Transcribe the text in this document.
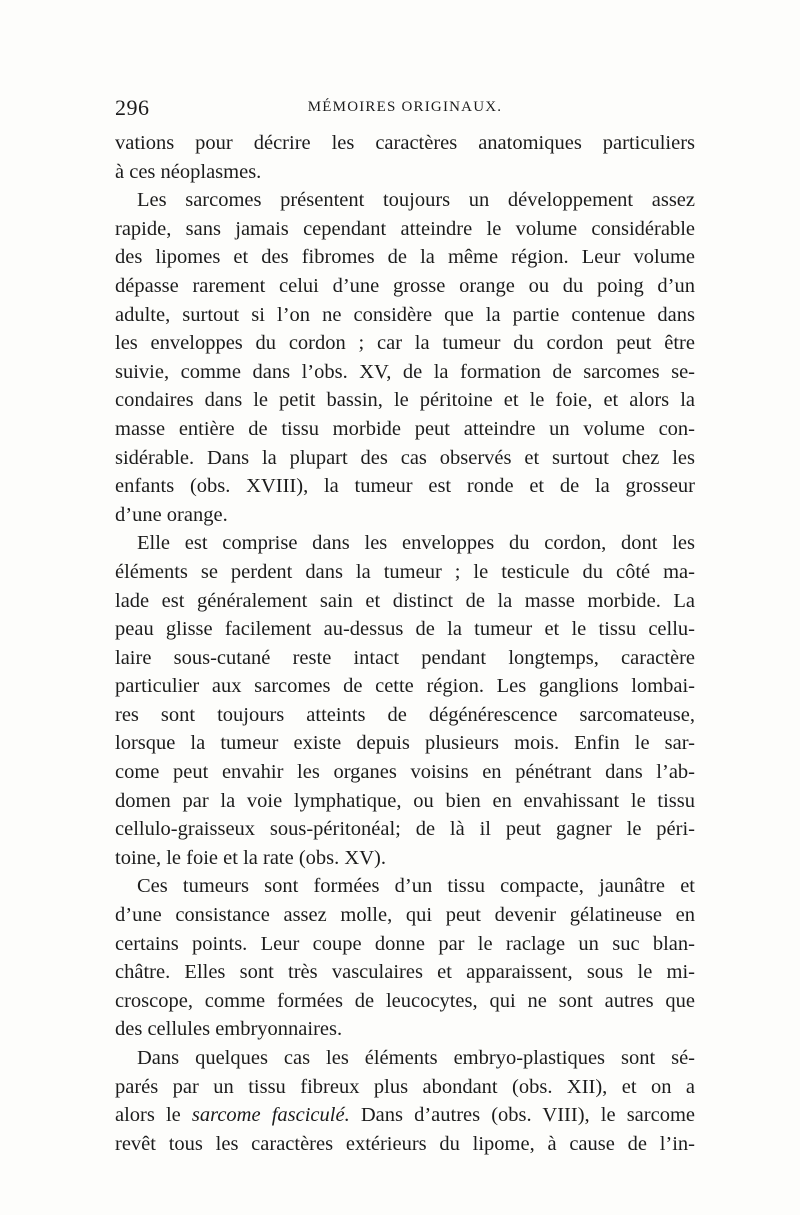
296	MÉMOIRES ORIGINAUX.
vations pour décrire les caractères anatomiques particuliers
à ces néoplasmes.
Les sarcomes présentent toujours un développement assez
rapide, sans jamais cependant atteindre le volume considérable
des lipomes et des fibromes de la même région. Leur volume
dépasse rarement celui d’une grosse orange ou du poing d’un
adulte, surtout si l’on ne considère que la partie contenue dans
les enveloppes du cordon ; car la tumeur du cordon peut être
suivie, comme dans l’obs. XV, de la formation de sarcomes se-
condaires dans le petit bassin, le péritoine et le foie, et alors la
masse entière de tissu morbide peut atteindre un volume con-
sidérable. Dans la plupart des cas observés et surtout chez les
enfants (obs. XVIII), la tumeur est ronde et de la grosseur
d’une orange.
Elle est comprise dans les enveloppes du cordon, dont les
éléments se perdent dans la tumeur ; le testicule du côté ma-
lade est généralement sain et distinct de la masse morbide. La
peau glisse facilement au-dessus de la tumeur et le tissu cellu-
laire sous-cutané reste intact pendant longtemps, caractère
particulier aux sarcomes de cette région. Les ganglions lombai-
res sont toujours atteints de dégénérescence sarcomateuse,
lorsque la tumeur existe depuis plusieurs mois. Enfin le sar-
come peut envahir les organes voisins en pénétrant dans l’ab-
domen par la voie lymphatique, ou bien en envahissant le tissu
cellulo-graisseux sous-péritonéal; de là il peut gagner le péri-
toine, le foie et la rate (obs. XV).
Ces tumeurs sont formées d’un tissu compacte, jaunâtre et
d’une consistance assez molle, qui peut devenir gélatineuse en
certains points. Leur coupe donne par le raclage un suc blan-
châtre. Elles sont très vasculaires et apparaissent, sous le mi-
croscope, comme formées de leucocytes, qui ne sont autres que
des cellules embryonnaires.
Dans quelques cas les éléments embryo-plastiques sont sé-
parés par un tissu fibreux plus abondant (obs. XII), et on a
alors le sarcome fasciculé. Dans d’autres (obs. VIII), le sarcome
revêt tous les caractères extérieurs du lipome, à cause de l’in-
